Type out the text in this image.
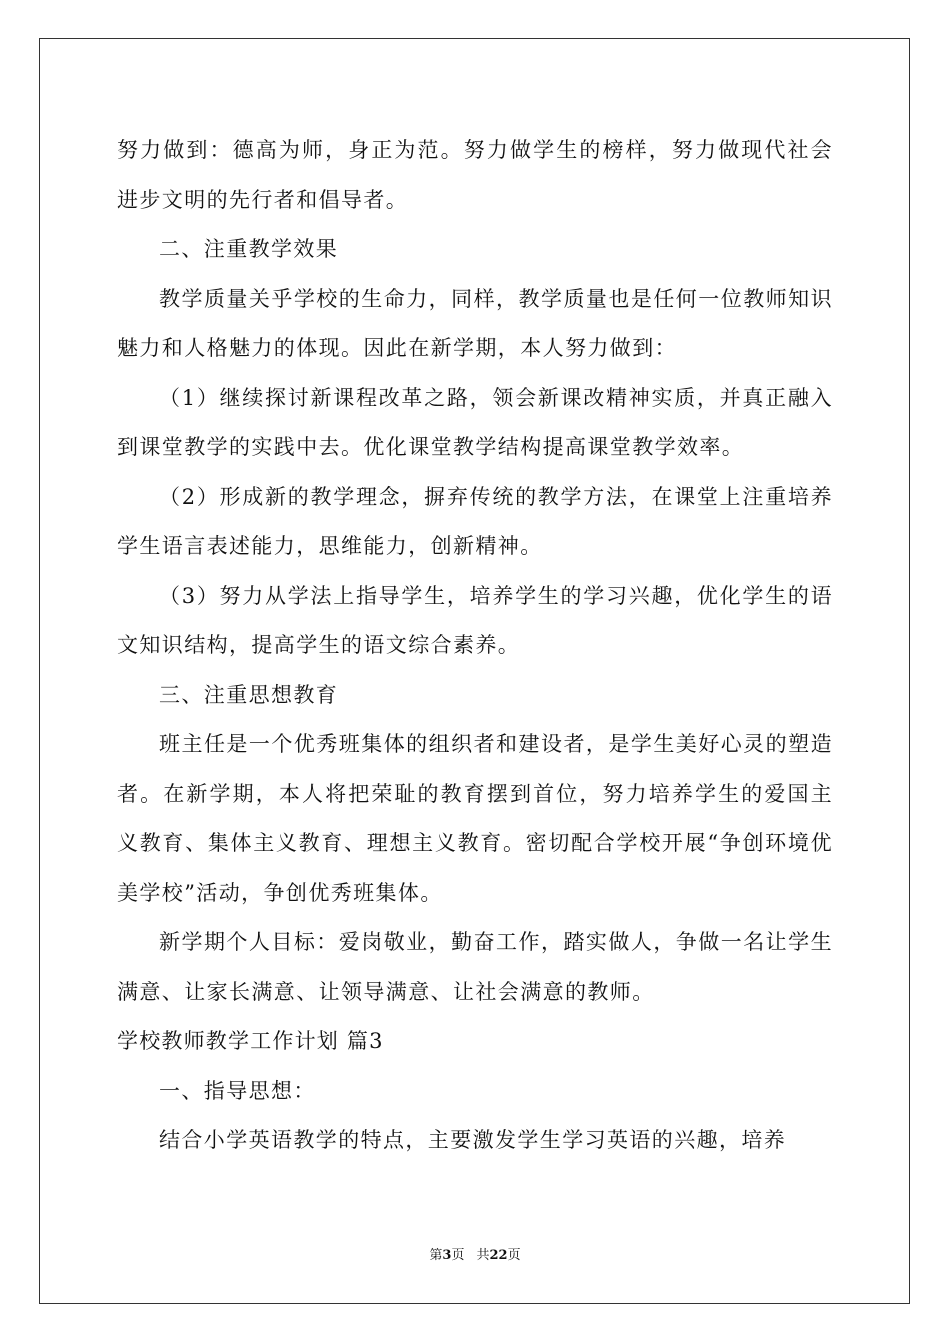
努力做到：德高为师，身正为范。努力做学生的榜样，努力做现代社会进步文明的先行者和倡导者。

二、注重教学效果

教学质量关乎学校的生命力，同样，教学质量也是任何一位教师知识魅力和人格魅力的体现。因此在新学期，本人努力做到：

（1）继续探讨新课程改革之路，领会新课改精神实质，并真正融入到课堂教学的实践中去。优化课堂教学结构提高课堂教学效率。

（2）形成新的教学理念，摒弃传统的教学方法，在课堂上注重培养学生语言表述能力，思维能力，创新精神。

（3）努力从学法上指导学生，培养学生的学习兴趣，优化学生的语文知识结构，提高学生的语文综合素养。

三、注重思想教育

班主任是一个优秀班集体的组织者和建设者，是学生美好心灵的塑造者。在新学期，本人将把荣耻的教育摆到首位，努力培养学生的爱国主义教育、集体主义教育、理想主义教育。密切配合学校开展“争创环境优美学校”活动，争创优秀班集体。

新学期个人目标：爱岗敬业，勤奋工作，踏实做人，争做一名让学生满意、让家长满意、让领导满意、让社会满意的教师。

学校教师教学工作计划 篇3

一、指导思想：

结合小学英语教学的特点，主要激发学生学习英语的兴趣，培养

第3页 共22页
